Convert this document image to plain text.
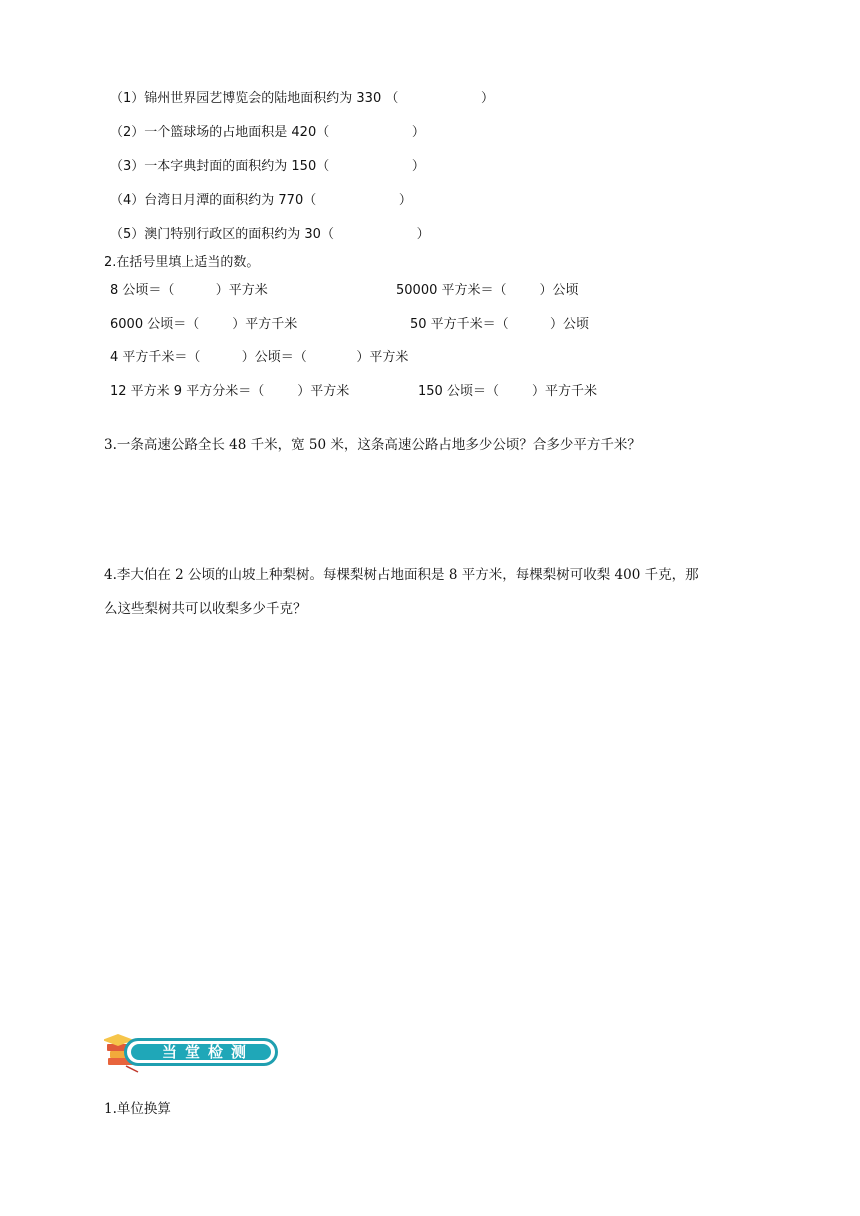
（1）锦州世界园艺博览会的陆地面积约为 330 （                    ）
（2）一个篮球场的占地面积是 420（                    ）
（3）一本字典封面的面积约为 150（                    ）
（4）台湾日月潭的面积约为 770（                    ）
（5）澳门特别行政区的面积约为 30（                    ）
2.在括号里填上适当的数。
8 公顷＝（          ）平方米	50000 平方米＝（        ）公顷
6000 公顷＝（        ）平方千米	50 平方千米＝（          ）公顷
4 平方千米＝（          ）公顷＝（            ）平方米
12 平方米 9 平方分米＝（        ）平方米	150 公顷＝（        ）平方千米
3.一条高速公路全长 48 千米，宽 50 米，这条高速公路占地多少公顷？合多少平方千米？
4.李大伯在 2 公顷的山坡上种梨树。每棵梨树占地面积是 8 平方米，每棵梨树可收梨 400 千克，那
么这些梨树共可以收梨多少千克？
当堂检测
1.单位换算
